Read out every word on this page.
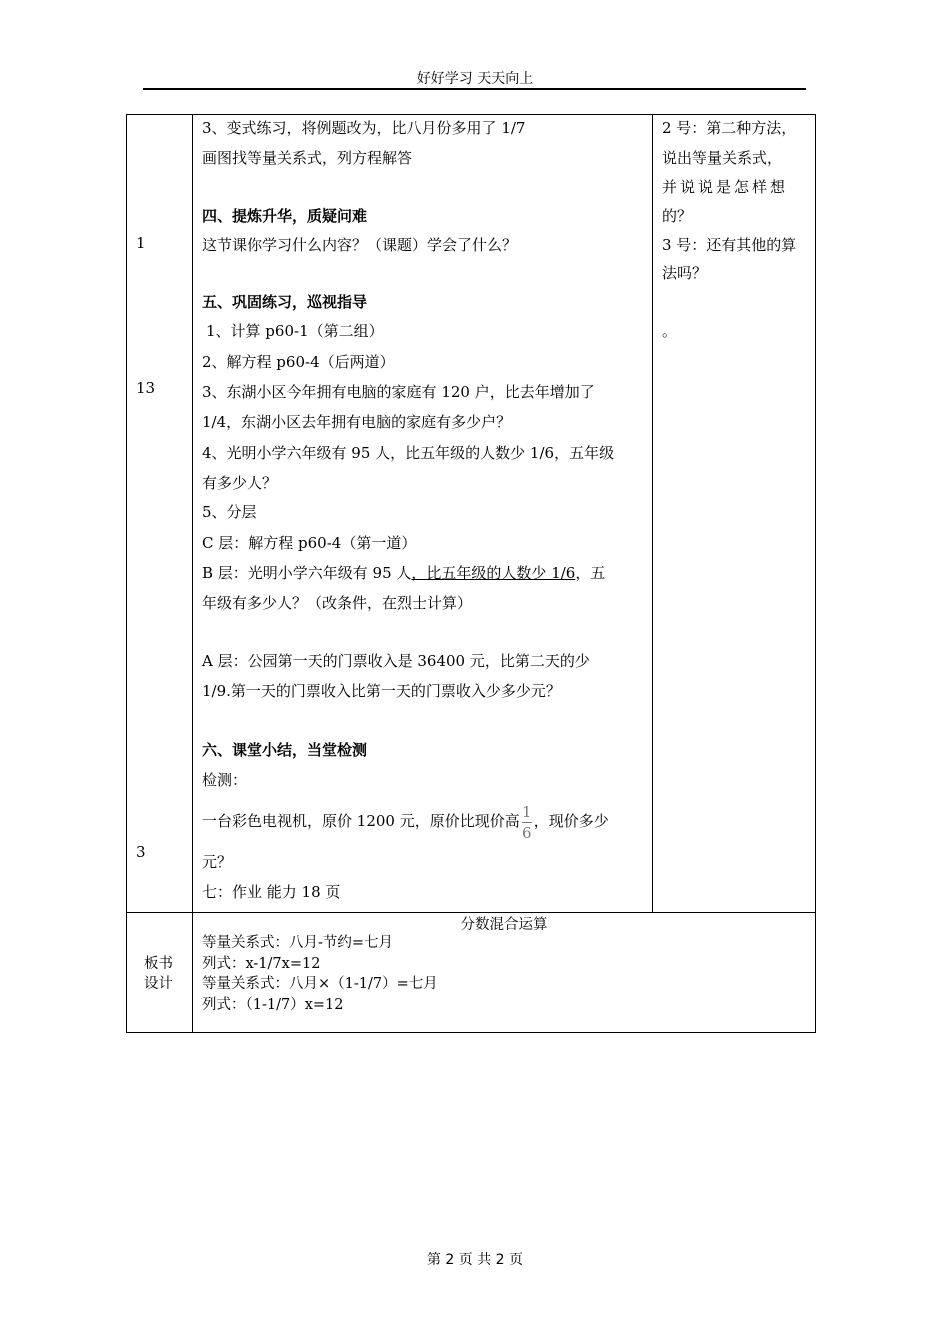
好好学习 天天向上
1
13
3
3、变式练习，将例题改为，比八月份多用了 1/7
画图找等量关系式，列方程解答
四、提炼升华，质疑问难
这节课你学习什么内容？（课题）学会了什么？
五、巩固练习，巡视指导
1、计算 p60-1（第二组）
2、解方程 p60-4（后两道）
3、东湖小区今年拥有电脑的家庭有 120 户，比去年增加了
1/4，东湖小区去年拥有电脑的家庭有多少户？
4、光明小学六年级有 95 人，比五年级的人数少 1/6，五年级
有多少人？
5、分层
C 层：解方程 p60-4（第一道）
B 层：光明小学六年级有 95 人，比五年级的人数少 1/6，五
年级有多少人？（改条件，在烈士计算）
A 层：公园第一天的门票收入是 36400 元，比第二天的少
1/9.第一天的门票收入比第一天的门票收入少多少元？
六、课堂小结，当堂检测
检测：
一台彩色电视机，原价 1200 元，原价比现价高 $\frac{1}{6}$ ，现价多少
元？
七：作业 能力 18 页
2 号：第二种方法，
说出等量关系式，
并说说是怎样想
的？
3 号：还有其他的算
法吗？
。
板书
设计
分数混合运算
等量关系式：八月-节约=七月
列式：x-1/7x=12
等量关系式：八月×（1-1/7）=七月
列式：（1-1/7）x=12
第 2 页 共 2 页
